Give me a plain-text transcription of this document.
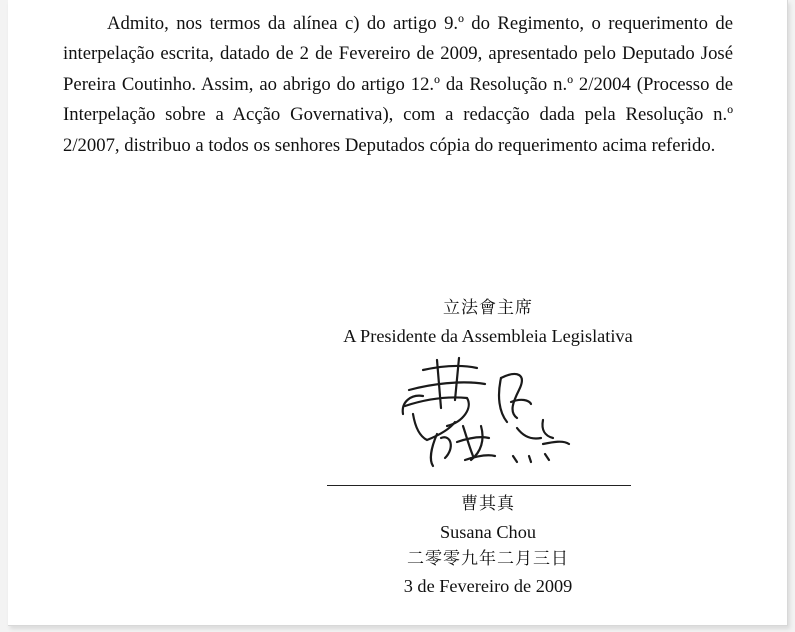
Admito, nos termos da alínea c) do artigo 9.º do Regimento, o requerimento de interpelação escrita, datado de 2 de Fevereiro de 2009, apresentado pelo Deputado José Pereira Coutinho. Assim, ao abrigo do artigo 12.º da Resolução n.º 2/2004 (Processo de Interpelação sobre a Acção Governativa), com a redacção dada pela Resolução n.º 2/2007, distribuo a todos os senhores Deputados cópia do requerimento acima referido.

立法會主席
A Presidente da Assembleia Legislativa
曹其真
Susana Chou
二零零九年二月三日
3 de Fevereiro de 2009
